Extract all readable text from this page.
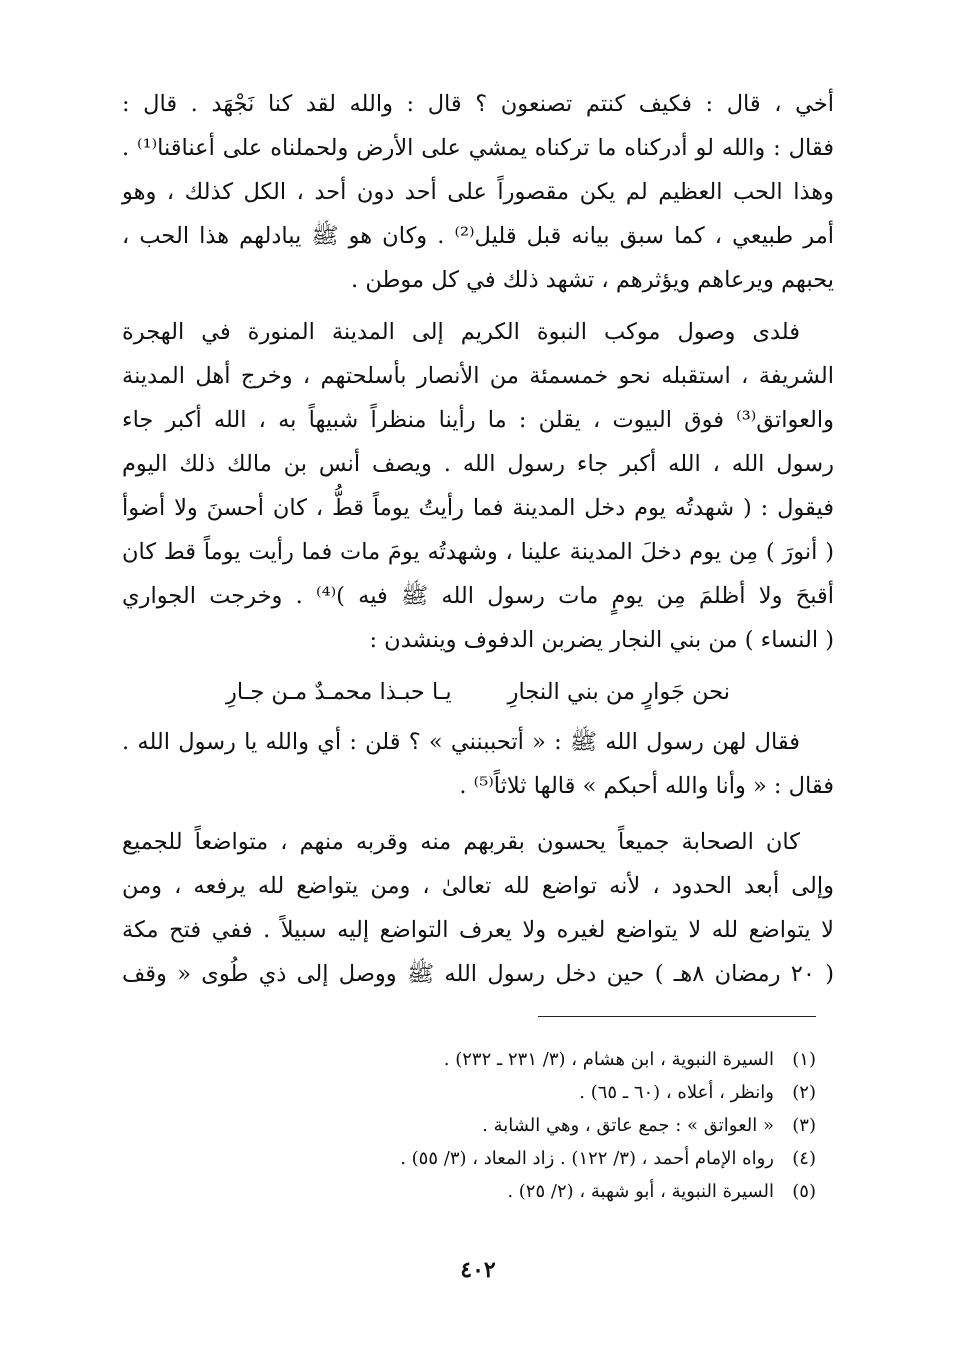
أخي ، قال : فكيف كنتم تصنعون ؟ قال : والله لقد كنا نَجْهَد . قال :
فقال : والله لو أدركناه ما تركناه يمشي على الأرض ولحملناه على أعناقنا⁽¹⁾ .
وهذا الحب العظيم لم يكن مقصوراً على أحد دون أحد ، الكل كذلك ، وهو
أمر طبيعي ، كما سبق بيانه قبل قليل⁽²⁾ . وكان هو ﷺ يبادلهم هذا الحب ،
يحبهم ويرعاهم ويؤثرهم ، تشهد ذلك في كل موطن .
فلدى وصول موكب النبوة الكريم إلى المدينة المنورة في الهجرة
الشريفة ، استقبله نحو خمسمئة من الأنصار بأسلحتهم ، وخرج أهل المدينة
والعواتق⁽³⁾ فوق البيوت ، يقلن : ما رأينا منظراً شبيهاً به ، الله أكبر جاء
رسول الله ، الله أكبر جاء رسول الله . ويصف أنس بن مالك ذلك اليوم
فيقول : ( شهدتُه يوم دخل المدينة فما رأيتُ يوماً قطُّ ، كان أحسنَ ولا أضوأ
( أنورَ ) مِن يوم دخلَ المدينة علينا ، وشهدتُه يومَ مات فما رأيت يوماً قط كان
أقبحَ ولا أظلمَ مِن يومٍ مات رسول الله ﷺ فيه )⁽⁴⁾ . وخرجت الجواري
( النساء ) من بني النجار يضربن الدفوف وينشدن :
نحن جَوارٍ من بني النجارِ
يـا حبـذا محمـدٌ مـن جـارِ
فقال لهن رسول الله ﷺ : « أتحببنني » ؟ قلن : أي والله يا رسول الله .
فقال : « وأنا والله أحبكم » قالها ثلاثاً⁽⁵⁾ .
كان الصحابة جميعاً يحسون بقربهم منه وقربه منهم ، متواضعاً للجميع
وإلى أبعد الحدود ، لأنه تواضع لله تعالىٰ ، ومن يتواضع لله يرفعه ، ومن
لا يتواضع لله لا يتواضع لغيره ولا يعرف التواضع إليه سبيلاً . ففي فتح مكة
( ٢٠ رمضان ٨هـ ) حين دخل رسول الله ﷺ ووصل إلى ذي طُوى « وقف
(١)
السيرة النبوية ، ابن هشام ، (٣/ ٢٣١ ـ ٢٣٢) .
(٢)
وانظر ، أعلاه ، (٦٠ ـ ٦٥) .
(٣)
« العواتق » : جمع عاتق ، وهي الشابة .
(٤)
رواه الإمام أحمد ، (٣/ ١٢٢) . زاد المعاد ، (٣/ ٥٥) .
(٥)
السيرة النبوية ، أبو شهبة ، (٢/ ٢٥) .
٤٠٢
